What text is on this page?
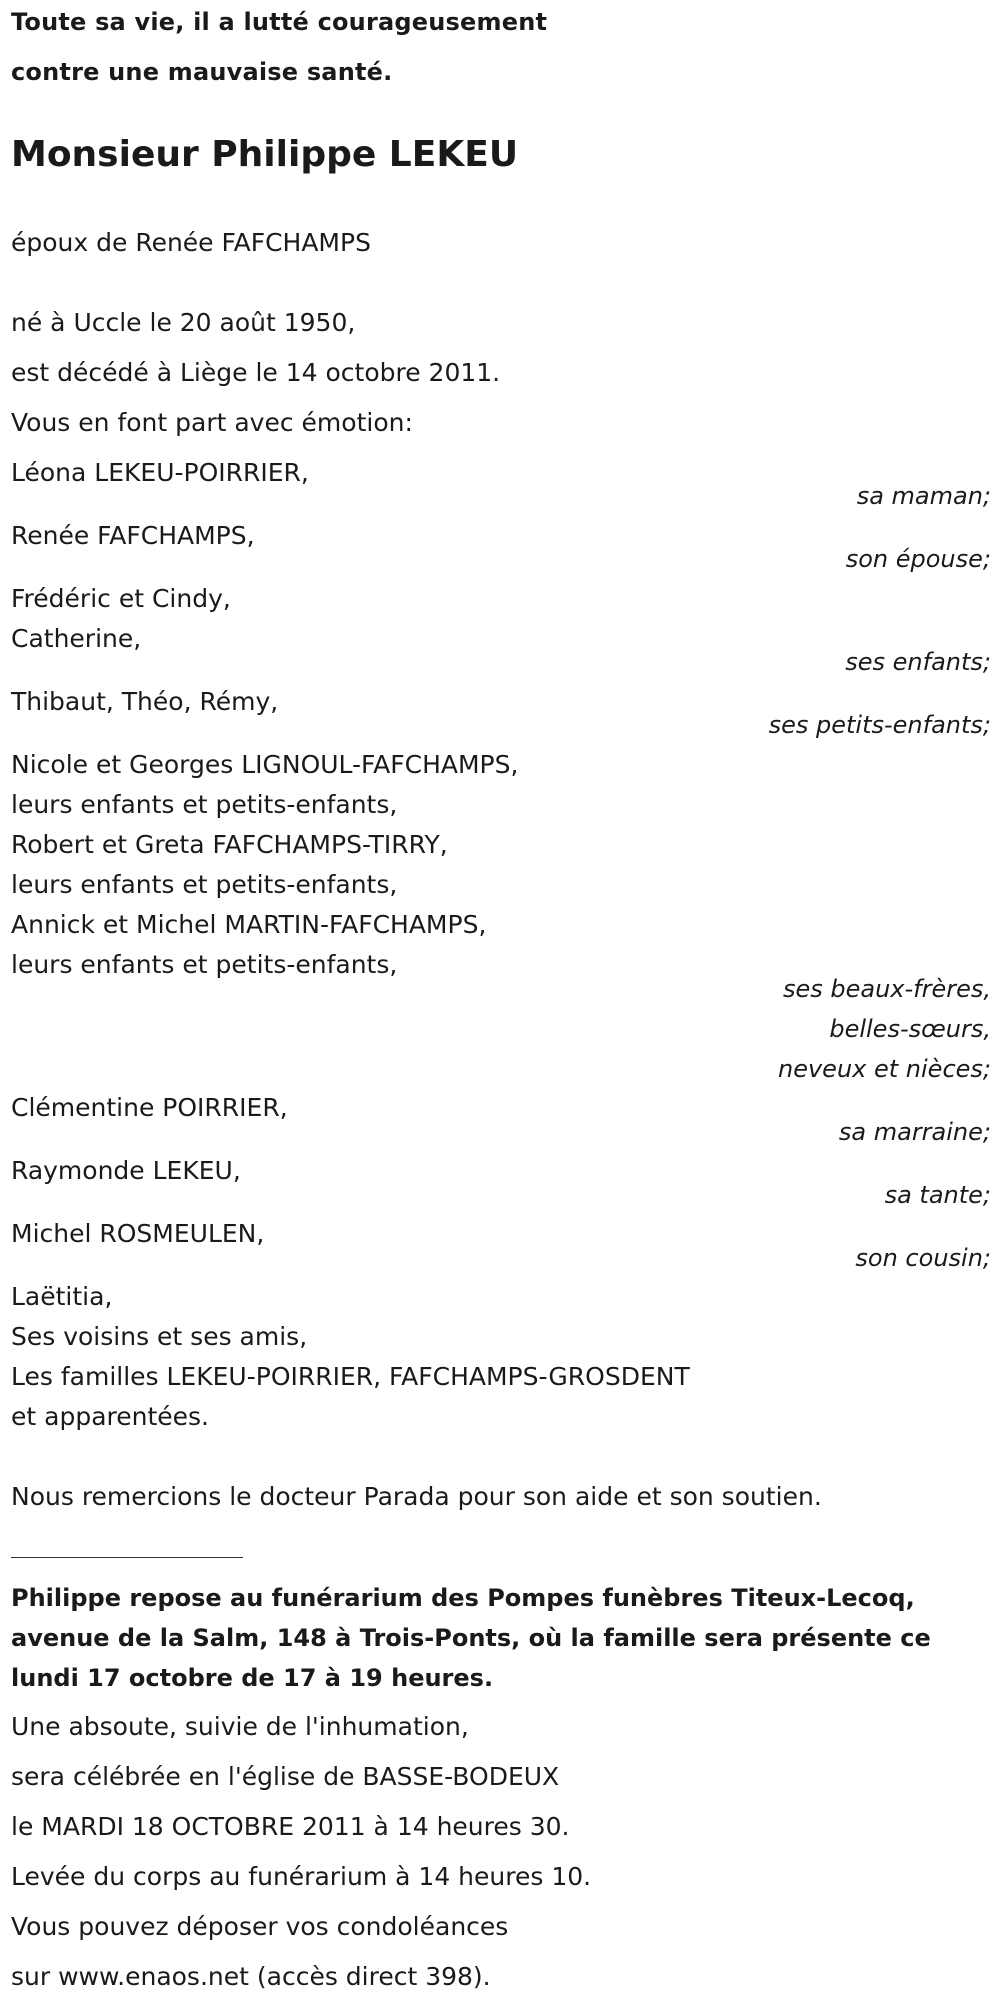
Toute sa vie, il a lutté courageusement
contre une mauvaise santé.
Monsieur Philippe LEKEU
époux de Renée FAFCHAMPS
né à Uccle le 20 août 1950,
est décédé à Liège le 14 octobre 2011.
Vous en font part avec émotion:
Léona LEKEU-POIRRIER,
sa maman;
Renée FAFCHAMPS,
son épouse;
Frédéric et Cindy,
Catherine,
ses enfants;
Thibaut, Théo, Rémy,
ses petits-enfants;
Nicole et Georges LIGNOUL-FAFCHAMPS,
leurs enfants et petits-enfants,
Robert et Greta FAFCHAMPS-TIRRY,
leurs enfants et petits-enfants,
Annick et Michel MARTIN-FAFCHAMPS,
leurs enfants et petits-enfants,
ses beaux-frères,
belles-sœurs,
neveux et nièces;
Clémentine POIRRIER,
sa marraine;
Raymonde LEKEU,
sa tante;
Michel ROSMEULEN,
son cousin;
Laëtitia,
Ses voisins et ses amis,
Les familles LEKEU-POIRRIER, FAFCHAMPS-GROSDENT
et apparentées.
Nous remercions le docteur Parada pour son aide et son soutien.
Philippe repose au funérarium des Pompes funèbres Titeux-Lecoq, avenue de la Salm, 148 à Trois-Ponts, où la famille sera présente ce lundi 17 octobre de 17 à 19 heures.
Une absoute, suivie de l'inhumation,
sera célébrée en l'église de BASSE-BODEUX
le MARDI 18 OCTOBRE 2011 à 14 heures 30.
Levée du corps au funérarium à 14 heures 10.
Vous pouvez déposer vos condoléances
sur www.enaos.net (accès direct 398).
